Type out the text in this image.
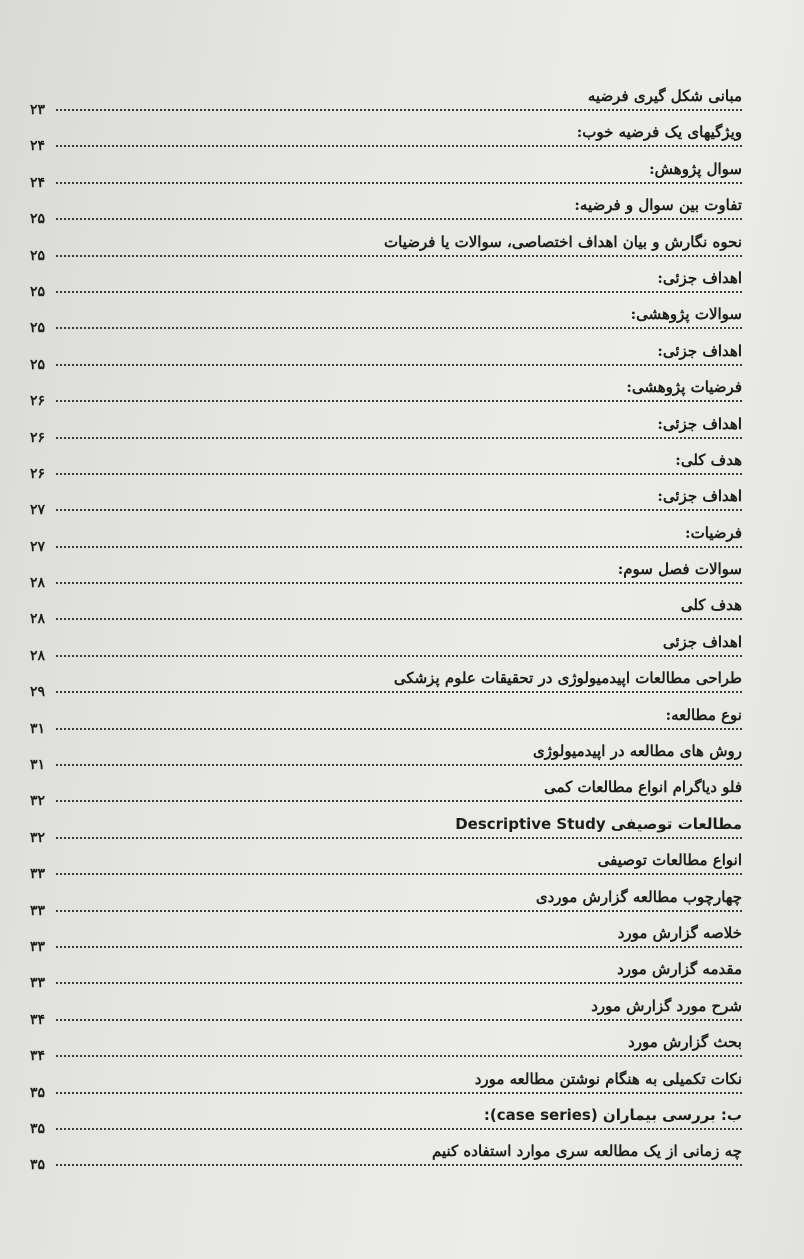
۲۳
مبانی شکل گیری فرضیه
۲۴
ویژگیهای یک فرضیه خوب:
۲۴
سوال پژوهش:
۲۵
تفاوت بین سوال و فرضیه:
۲۵
نحوه نگارش و بیان اهداف اختصاصی، سوالات یا فرضیات
۲۵
اهداف جزئی:
۲۵
سوالات پژوهشی:
۲۵
اهداف جزئی:
۲۶
فرضیات پژوهشی:
۲۶
اهداف جزئی:
۲۶
هدف کلی:
۲۷
اهداف جزئی:
۲۷
فرضیات:
۲۸
سوالات فصل سوم:
۲۸
هدف کلی
۲۸
اهداف جزئی
۲۹
طراحی مطالعات اپیدمیولوژی در تحقیقات علوم پزشکی
۳۱
نوع مطالعه:
۳۱
روش های مطالعه در اپیدمیولوژی
۳۲
فلو دیاگرام انواع مطالعات کمی
۳۲
مطالعات توصیفی Descriptive Study
۳۳
انواع مطالعات توصیفی
۳۳
چهارچوب مطالعه گزارش موردی
۳۳
خلاصه گزارش مورد
۳۳
مقدمه گزارش مورد
۳۴
شرح مورد گزارش مورد
۳۴
بحث گزارش مورد
۳۵
نکات تکمیلی به هنگام نوشتن مطالعه مورد
۳۵
ب: بررسی بیماران (case series):
۳۵
چه زمانی از یک مطالعه سری موارد استفاده کنیم
